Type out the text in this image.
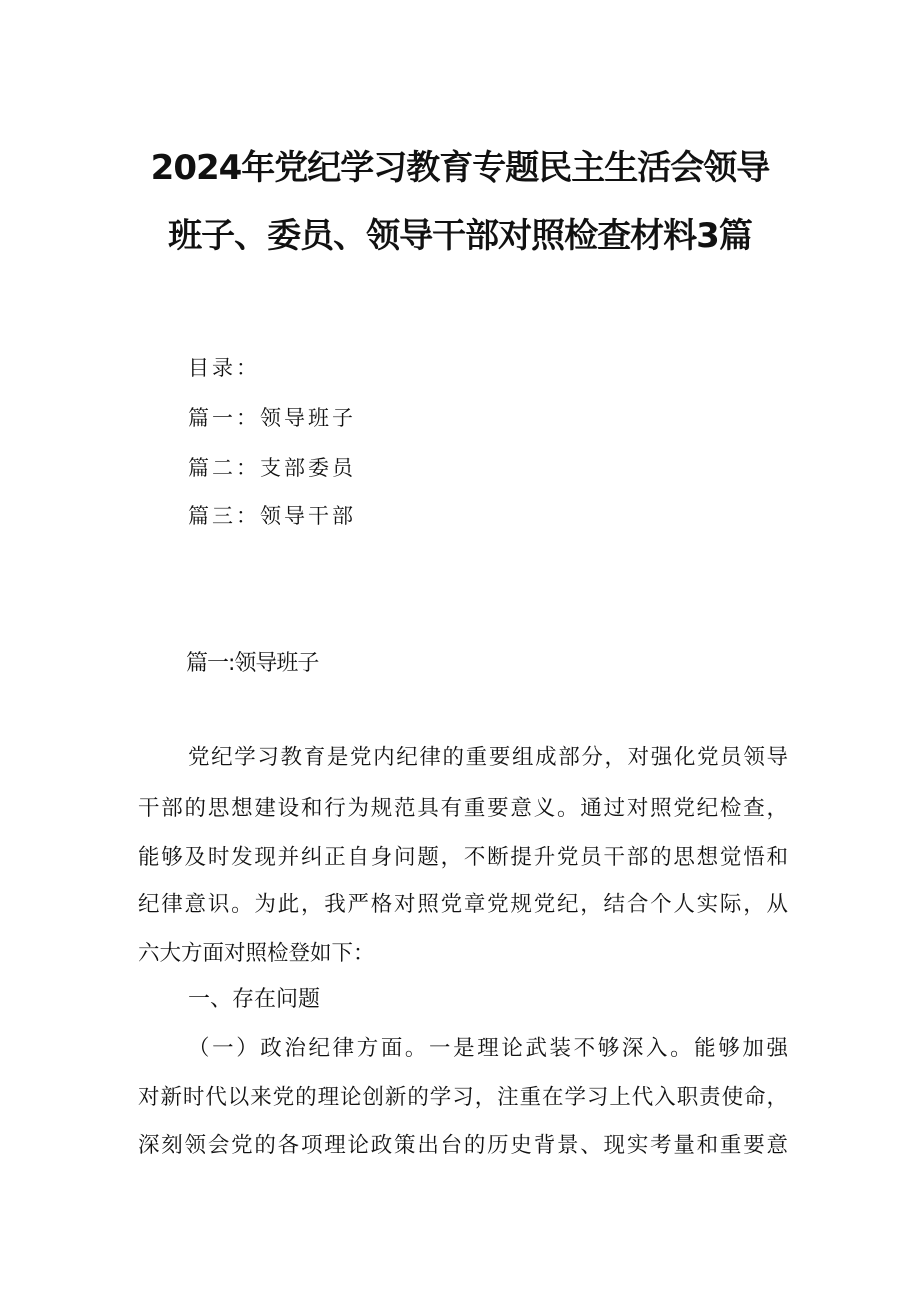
2024年党纪学习教育专题民主生活会领导
班子、委员、领导干部对照检查材料3篇
目录：
篇一：领导班子
篇二：支部委员
篇三：领导干部
篇一:领导班子
党纪学习教育是党内纪律的重要组成部分，对强化党员领导
干部的思想建设和行为规范具有重要意义。通过对照党纪检查，
能够及时发现并纠正自身问题，不断提升党员干部的思想觉悟和
纪律意识。为此，我严格对照党章党规党纪，结合个人实际，从
六大方面对照检登如下：
一、存在问题
（一）政治纪律方面。一是理论武装不够深入。能够加强
对新时代以来党的理论创新的学习，注重在学习上代入职责使命，
深刻领会党的各项理论政策出台的历史背景、现实考量和重要意
